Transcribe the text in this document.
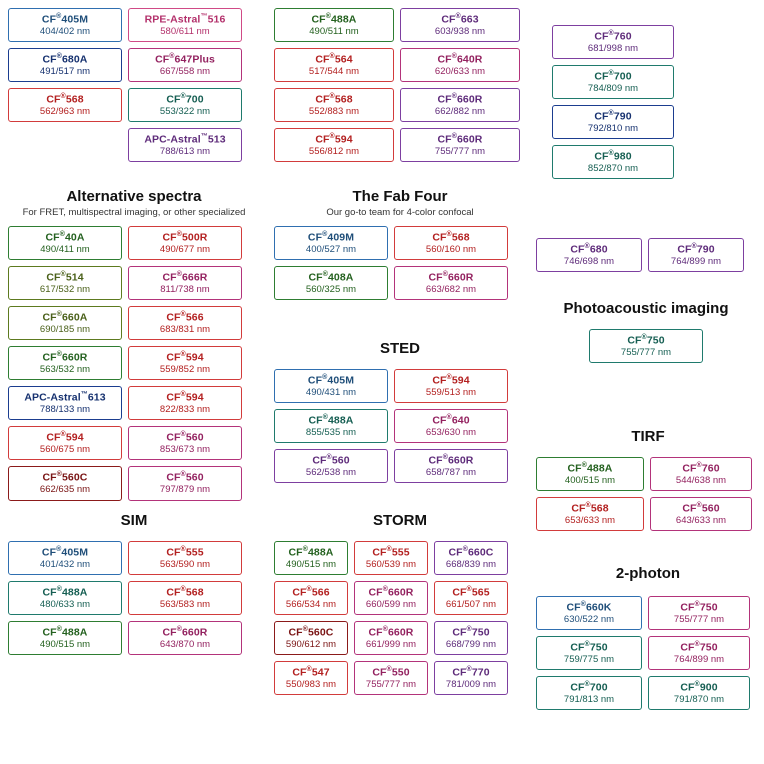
CF®405M
404/402 nm
RPE-Astral™516
580/611 nm
CF®680A
491/517 nm
CF®647Plus
667/558 nm
CF®568
562/963 nm
CF®700
553/322 nm
APC-Astral™513
788/613 nm
CF®488A
490/511 nm
CF®663
603/938 nm
CF®564
517/544 nm
CF®640R
620/633 nm
CF®568
552/883 nm
CF®660R
662/882 nm
CF®594
556/812 nm
CF®660R
755/777 nm
CF®760
681/998 nm
CF®700
784/809 nm
CF®790
792/810 nm
CF®980
852/870 nm
Alternative spectra

For FRET, multispectral imaging, or other specialized

CF®40A
490/411 nm
CF®500R
490/677 nm
CF®514
617/532 nm
CF®666R
811/738 nm
CF®660A
690/185 nm
CF®566
683/831 nm
CF®660R
563/532 nm
CF®594
559/852 nm
APC-Astral™613
788/133 nm
CF®594
822/833 nm
CF®594
560/675 nm
CF®560
853/673 nm
CF®560C
662/635 nm
CF®560
797/879 nm
The Fab Four

Our go-to team for 4-color confocal

CF®409M
400/527 nm
CF®568
560/160 nm
CF®408A
560/325 nm
CF®660R
663/682 nm
STED
CF®405M
490/431 nm
CF®594
559/513 nm
CF®488A
855/535 nm
CF®640
653/630 nm
CF®560
562/538 nm
CF®660R
658/787 nm
CF®680
746/698 nm
CF®790
764/899 nm
Photoacoustic imaging
CF®750
755/777 nm
TIRF
CF®488A
400/515 nm
CF®760
544/638 nm
CF®568
653/633 nm
CF®560
643/633 nm
SIM
CF®405M
401/432 nm
CF®555
563/590 nm
CF®488A
480/633 nm
CF®568
563/583 nm
CF®488A
490/515 nm
CF®660R
643/870 nm
STORM
CF®488A
490/515 nm
CF®555
560/539 nm
CF®660C
668/839 nm
CF®566
566/534 nm
CF®660R
660/599 nm
CF®565
661/507 nm
CF®560C
590/612 nm
CF®660R
661/999 nm
CF®750
668/799 nm
CF®547
550/983 nm
CF®550
755/777 nm
CF®770
781/009 nm
2-photon
CF®660K
630/522 nm
CF®750
755/777 nm
CF®750
759/775 nm
CF®750
764/899 nm
CF®700
791/813 nm
CF®900
791/870 nm
